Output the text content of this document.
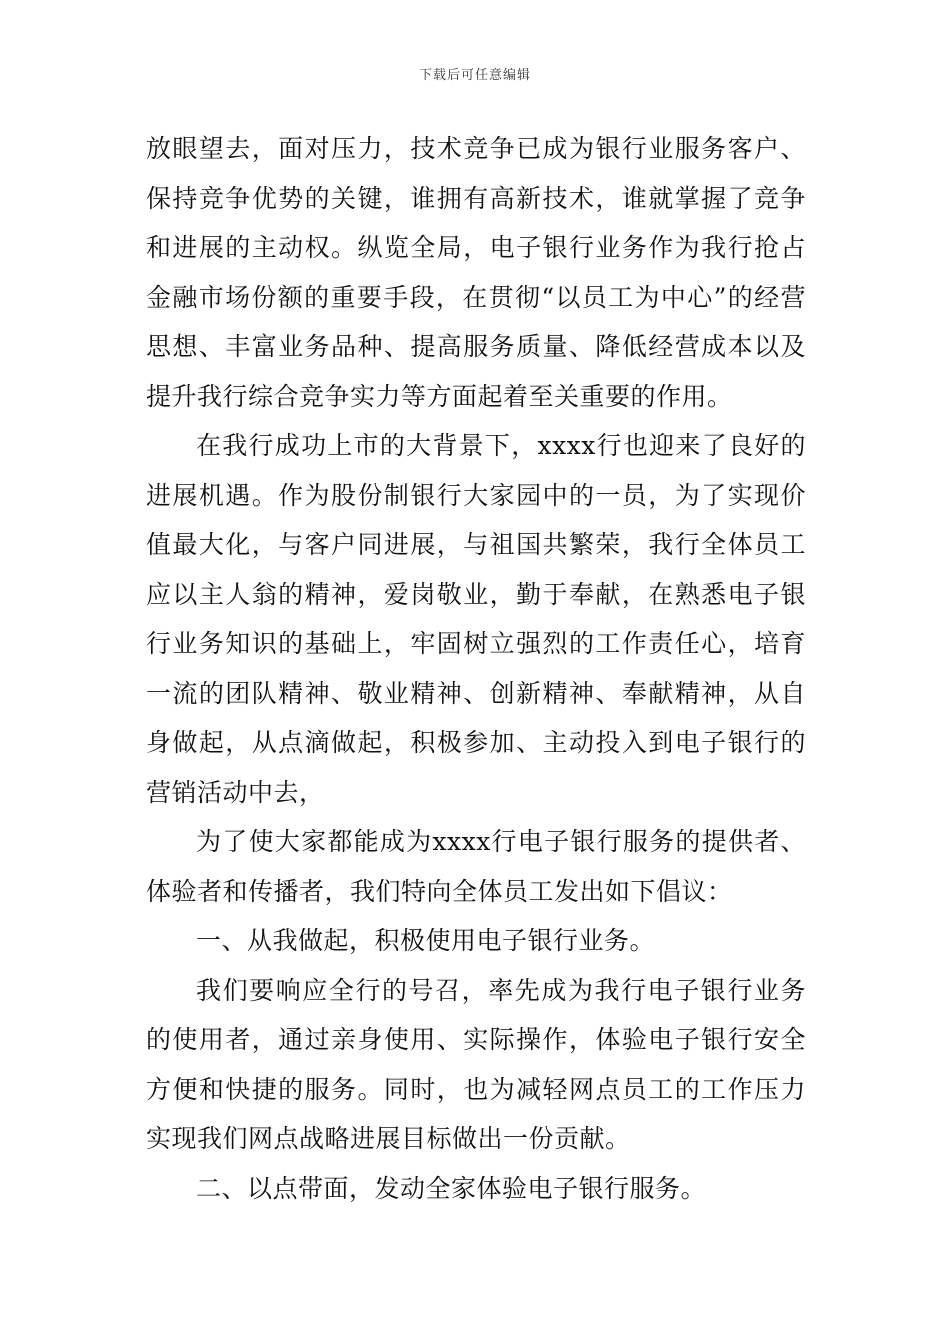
下载后可任意编辑

放眼望去，面对压力，技术竞争已成为银行业服务客户、保持竞争优势的关键，谁拥有高新技术，谁就掌握了竞争和进展的主动权。纵览全局，电子银行业务作为我行抢占金融市场份额的重要手段，在贯彻“以员工为中心”的经营思想、丰富业务品种、提高服务质量、降低经营成本以及提升我行综合竞争实力等方面起着至关重要的作用。

在我行成功上市的大背景下，xxxx行也迎来了良好的进展机遇。作为股份制银行大家园中的一员，为了实现价值最大化，与客户同进展，与祖国共繁荣，我行全体员工应以主人翁的精神，爱岗敬业，勤于奉献，在熟悉电子银行业务知识的基础上，牢固树立强烈的工作责任心，培育一流的团队精神、敬业精神、创新精神、奉献精神，从自身做起，从点滴做起，积极参加、主动投入到电子银行的营销活动中去，

为了使大家都能成为xxxx行电子银行服务的提供者、体验者和传播者，我们特向全体员工发出如下倡议：

一、从我做起，积极使用电子银行业务。

我们要响应全行的号召，率先成为我行电子银行业务的使用者，通过亲身使用、实际操作，体验电子银行安全方便和快捷的服务。同时，也为减轻网点员工的工作压力实现我们网点战略进展目标做出一份贡献。

二、以点带面，发动全家体验电子银行服务。
